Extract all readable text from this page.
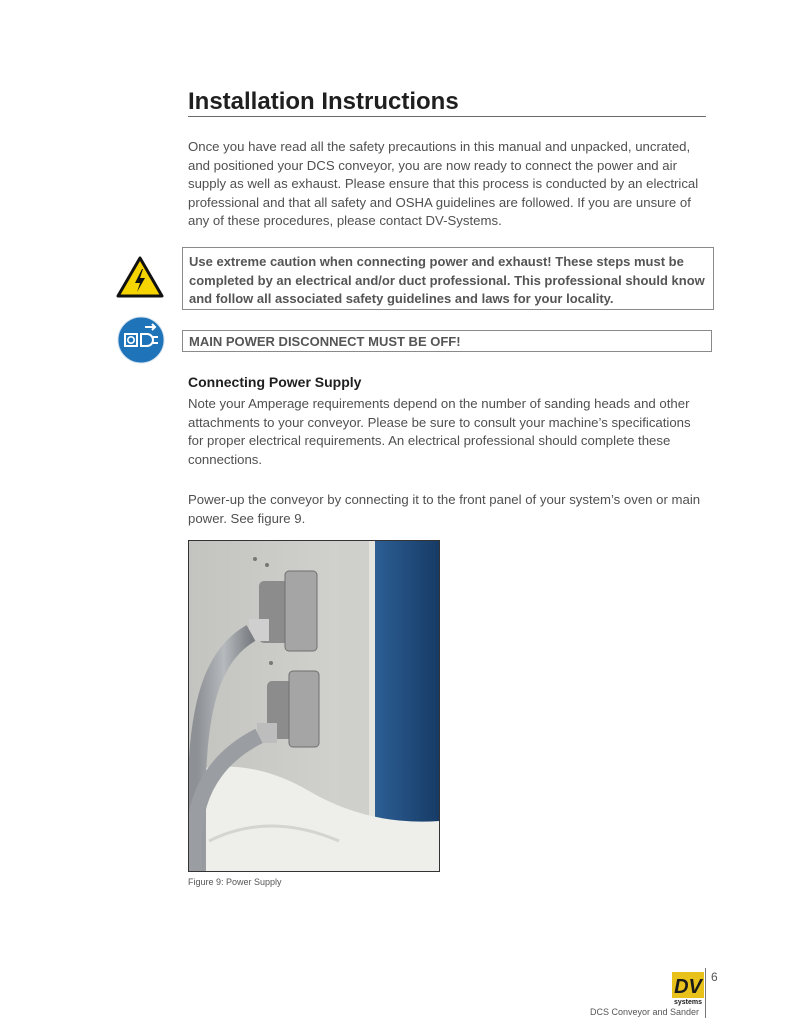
Installation Instructions

Once you have read all the safety precautions in this manual and unpacked, uncrated, and positioned your DCS conveyor, you are now ready to connect the power and air supply as well as exhaust. Please ensure that this process is conducted by an electrical professional and that all safety and OSHA guidelines are followed. If you are unsure of any of these procedures, please contact DV-Systems.

Use extreme caution when connecting power and exhaust! These steps must be completed by an electrical and/or duct professional. This professional should know and follow all associated safety guidelines and laws for your locality.
MAIN POWER DISCONNECT MUST BE OFF!
Connecting Power Supply

Note your Amperage requirements depend on the number of sanding heads and other attachments to your conveyor. Please be sure to consult your machine’s specifications for proper electrical requirements. An electrical professional should complete these connections.

Power-up the conveyor by connecting it to the front panel of your system’s oven or main power. See figure 9.

Figure 9: Power Supply
DV
systems
6
DCS Conveyor and Sander
